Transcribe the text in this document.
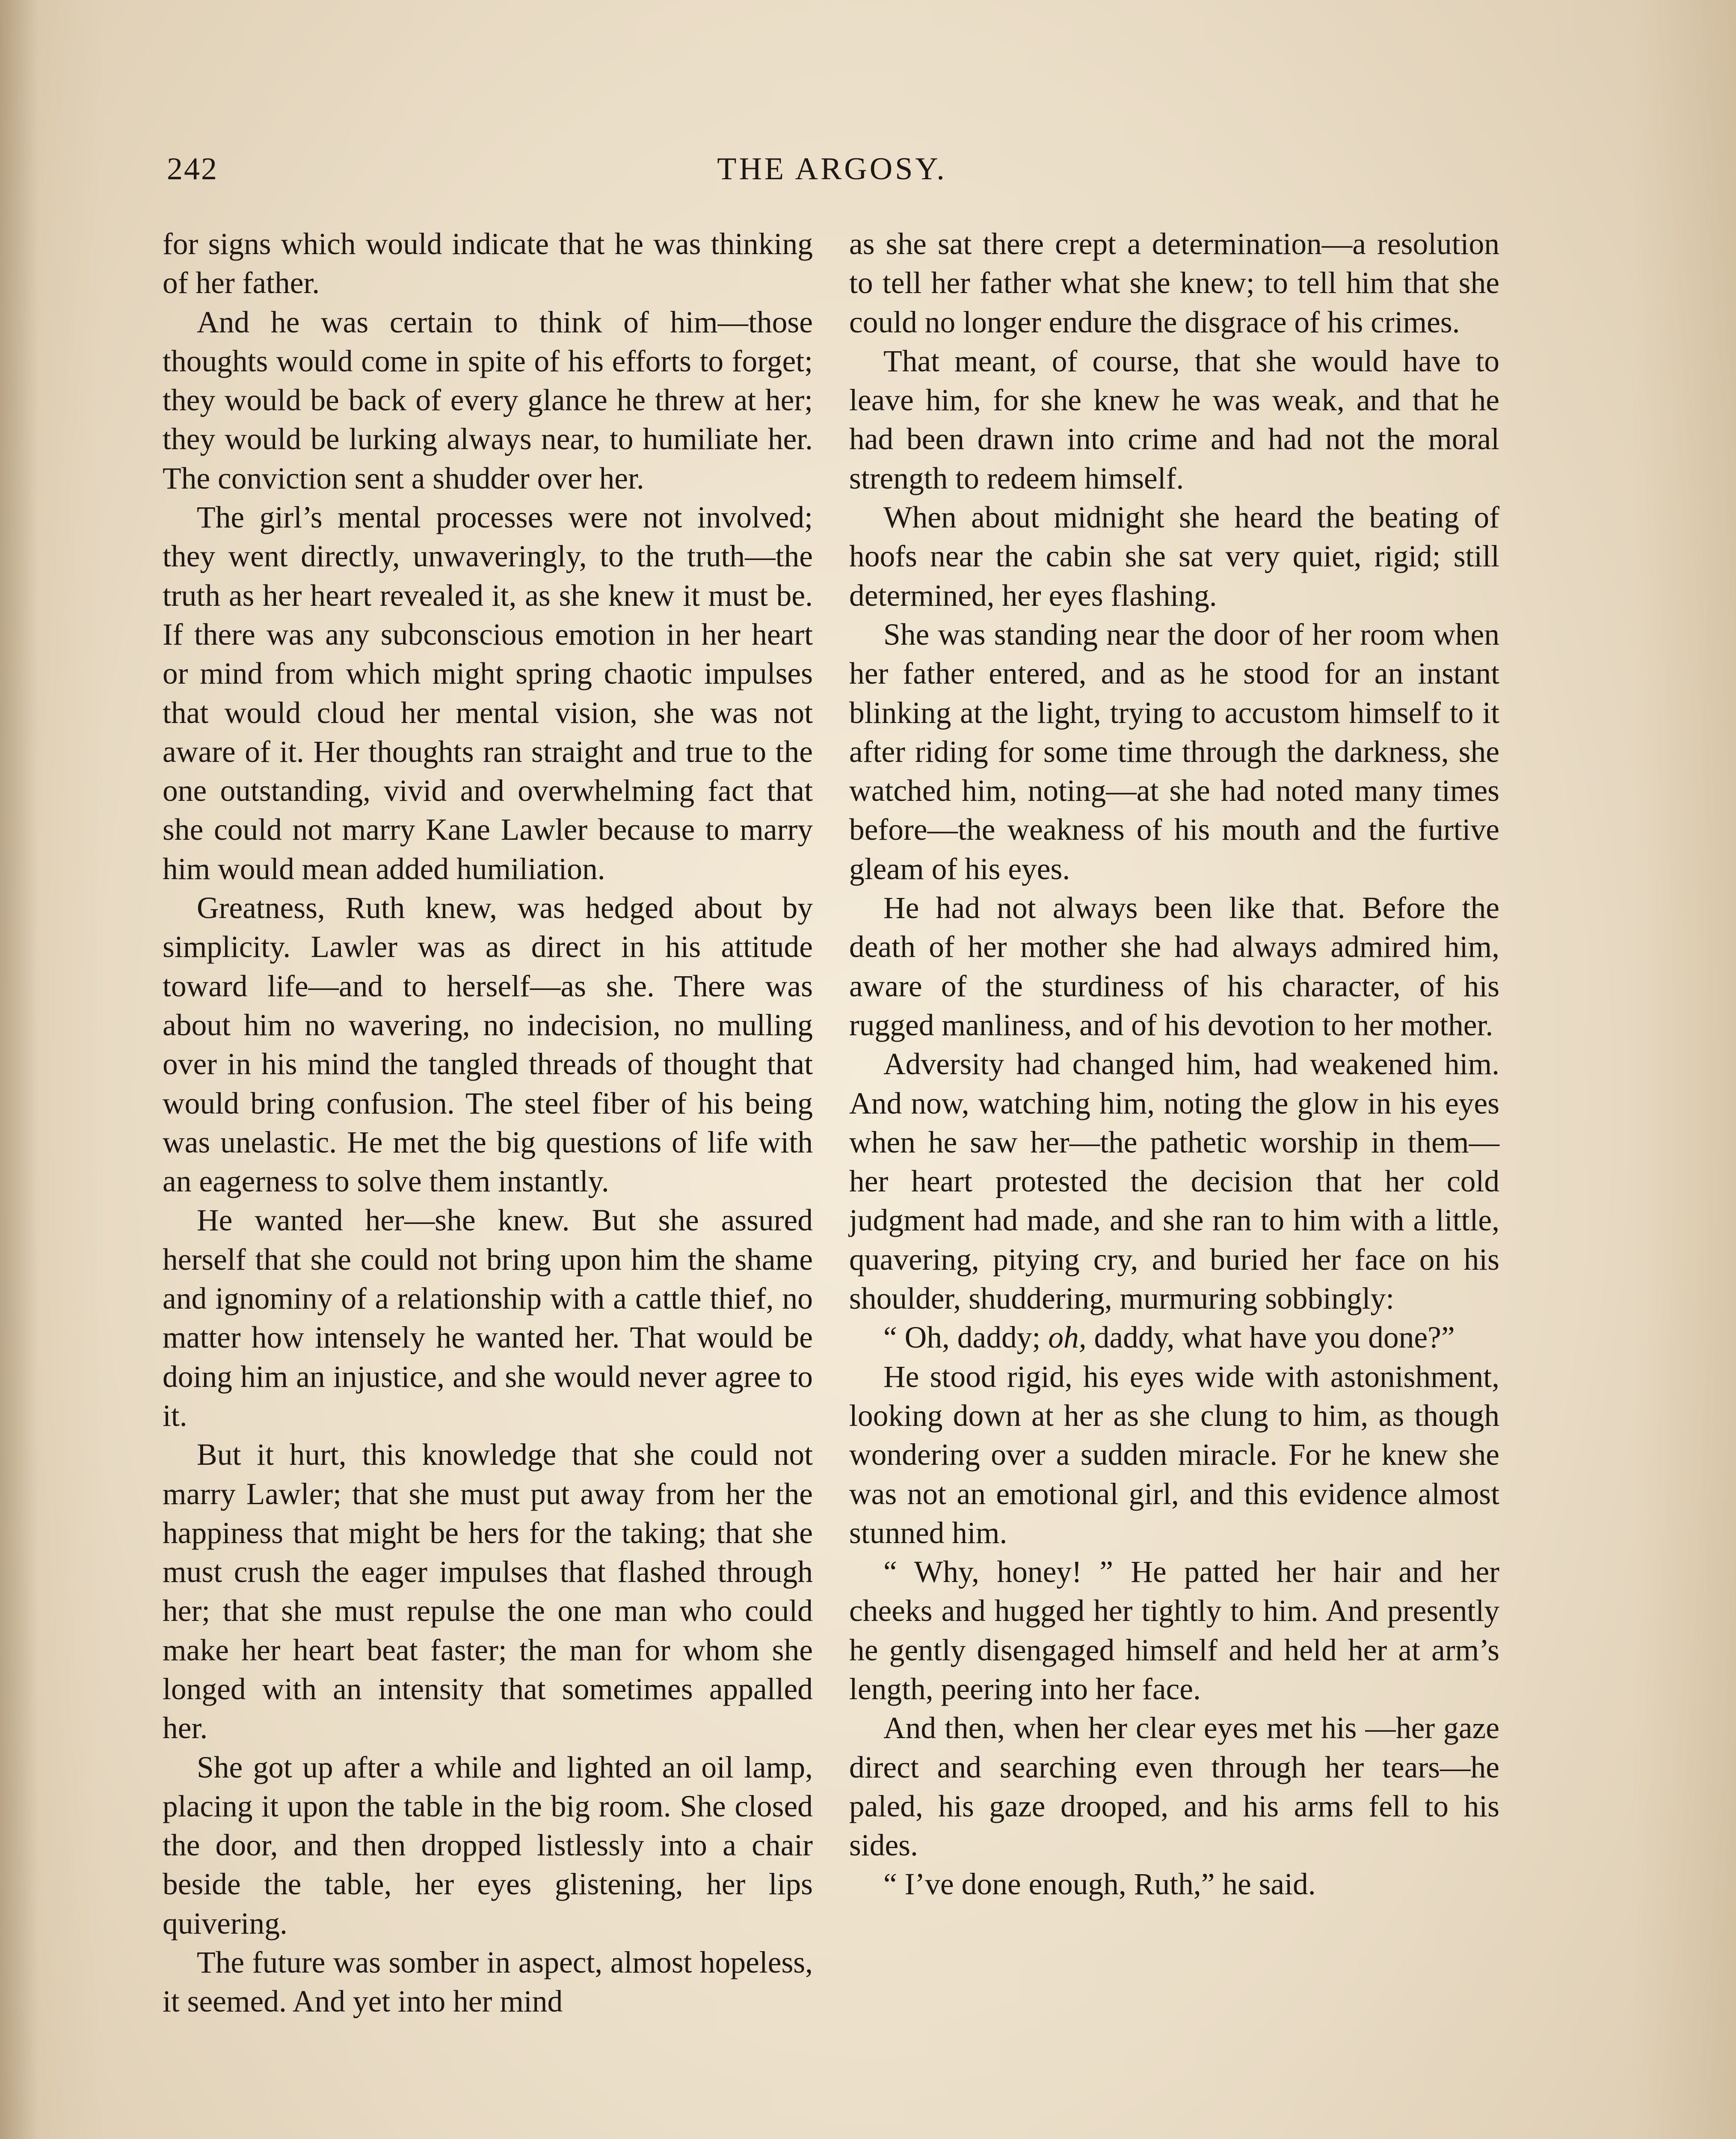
242	THE ARGOSY.

for signs which would indicate that he was thinking of her father.

And he was certain to think of him—those thoughts would come in spite of his efforts to forget; they would be back of every glance he threw at her; they would be lurking always near, to humiliate her. The conviction sent a shudder over her.

The girl’s mental processes were not involved; they went directly, unwaveringly, to the truth—the truth as her heart revealed it, as she knew it must be. If there was any subconscious emotion in her heart or mind from which might spring chaotic impulses that would cloud her mental vision, she was not aware of it. Her thoughts ran straight and true to the one outstanding, vivid and overwhelming fact that she could not marry Kane Lawler because to marry him would mean added humiliation.

Greatness, Ruth knew, was hedged about by simplicity. Lawler was as direct in his attitude toward life—and to herself—as she. There was about him no wavering, no indecision, no mulling over in his mind the tangled threads of thought that would bring confusion. The steel fiber of his being was unelastic. He met the big questions of life with an eagerness to solve them instantly.

He wanted her—she knew. But she assured herself that she could not bring upon him the shame and ignominy of a relationship with a cattle thief, no matter how intensely he wanted her. That would be doing him an injustice, and she would never agree to it.

But it hurt, this knowledge that she could not marry Lawler; that she must put away from her the happiness that might be hers for the taking; that she must crush the eager impulses that flashed through her; that she must repulse the one man who could make her heart beat faster; the man for whom she longed with an intensity that sometimes appalled her.

She got up after a while and lighted an oil lamp, placing it upon the table in the big room. She closed the door, and then dropped listlessly into a chair beside the table, her eyes glistening, her lips quivering.

The future was somber in aspect, almost hopeless, it seemed. And yet into her mind

as she sat there crept a determination—a resolution to tell her father what she knew; to tell him that she could no longer endure the disgrace of his crimes.

That meant, of course, that she would have to leave him, for she knew he was weak, and that he had been drawn into crime and had not the moral strength to redeem himself.

When about midnight she heard the beating of hoofs near the cabin she sat very quiet, rigid; still determined, her eyes flashing.

She was standing near the door of her room when her father entered, and as he stood for an instant blinking at the light, trying to accustom himself to it after riding for some time through the darkness, she watched him, noting—at she had noted many times before—the weakness of his mouth and the furtive gleam of his eyes.

He had not always been like that. Before the death of her mother she had always admired him, aware of the sturdiness of his character, of his rugged manliness, and of his devotion to her mother.

Adversity had changed him, had weakened him. And now, watching him, noting the glow in his eyes when he saw her—the pathetic worship in them—her heart protested the decision that her cold judgment had made, and she ran to him with a little, quavering, pitying cry, and buried her face on his shoulder, shuddering, murmuring sobbingly:

“ Oh, daddy; oh, daddy, what have you done?”

He stood rigid, his eyes wide with astonishment, looking down at her as she clung to him, as though wondering over a sudden miracle. For he knew she was not an emotional girl, and this evidence almost stunned him.

“ Why, honey! ” He patted her hair and her cheeks and hugged her tightly to him. And presently he gently disengaged himself and held her at arm’s length, peering into her face.

And then, when her clear eyes met his —her gaze direct and searching even through her tears—he paled, his gaze drooped, and his arms fell to his sides.

“ I’ve done enough, Ruth,” he said.
